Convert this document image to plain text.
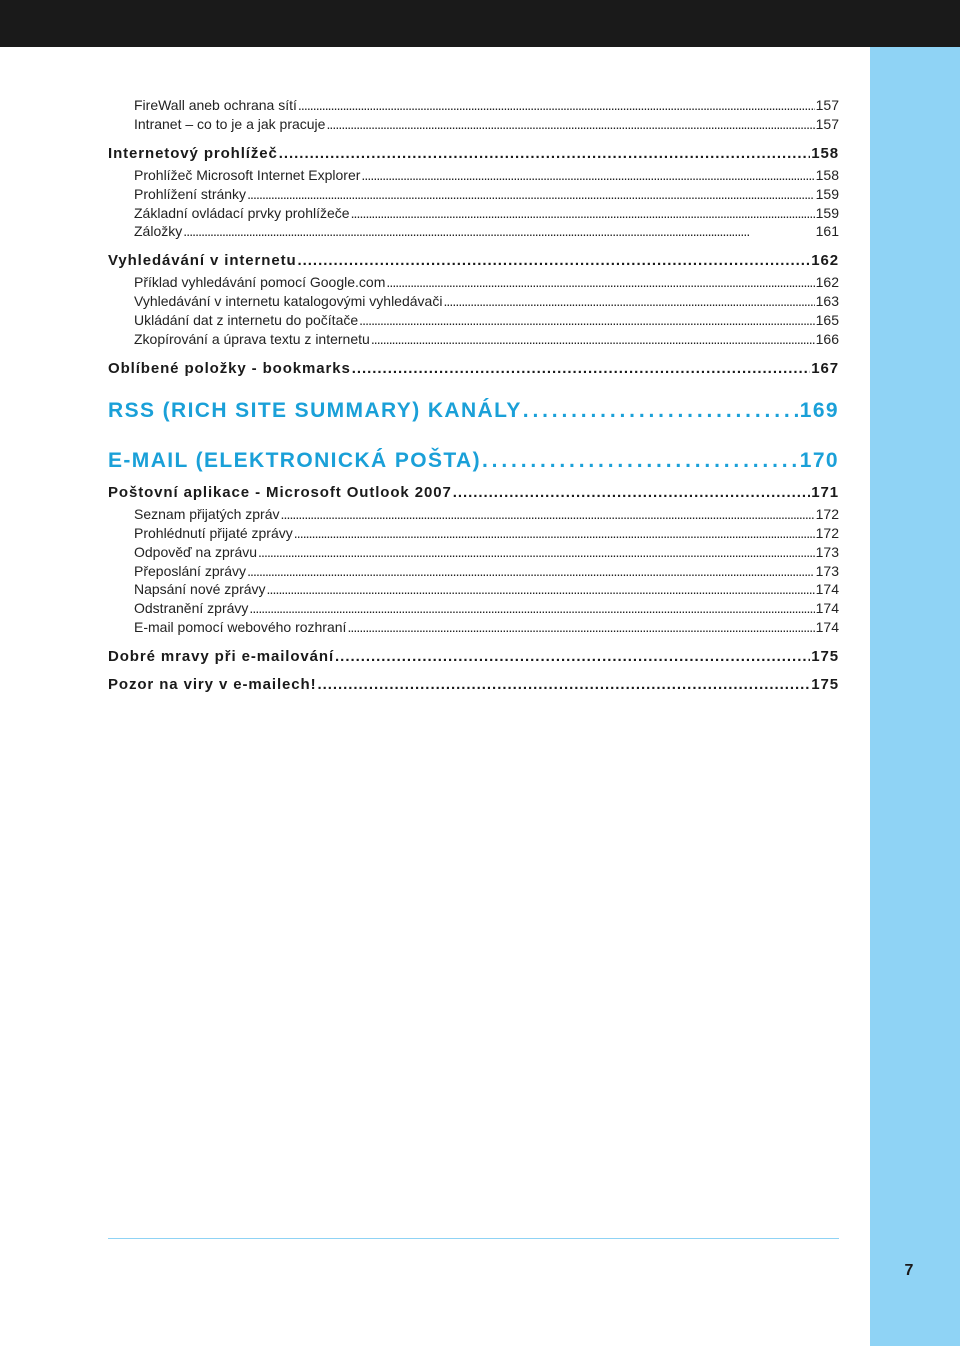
FireWall aneb ochrana sítí . . .	157
Intranet – co to je a jak pracuje . . .	157
Internetový prohlížeč . . .	158
Prohlížeč Microsoft Internet Explorer . . .	158
Prohlížení stránky . . .	159
Základní ovládací prvky prohlížeče . . .	159
Záložky . . .	161
Vyhledávání v internetu . . .	162
Příklad vyhledávání pomocí Google.com . . .	162
Vyhledávání v internetu katalogovými vyhledávači . . .	163
Ukládání dat z internetu do počítače . . .	165
Zkopírování a úprava textu z internetu . . .	166
Oblíbené položky - bookmarks . . .	167
RSS (RICH SITE SUMMARY) KANÁLY . . .	169
E-MAIL (ELEKTRONICKÁ POŠTA) . . .	170
Poštovní aplikace - Microsoft Outlook 2007 . . .	171
Seznam přijatých zpráv . . .	172
Prohlédnutí přijaté zprávy . . .	172
Odpověď na zprávu . . .	173
Přeposlání zprávy . . .	173
Napsání nové zprávy . . .	174
Odstranění zprávy . . .	174
E-mail pomocí webového rozhraní . . .	174
Dobré mravy při e-mailování . . .	175
Pozor na viry v e-mailech! . . .	175
7
